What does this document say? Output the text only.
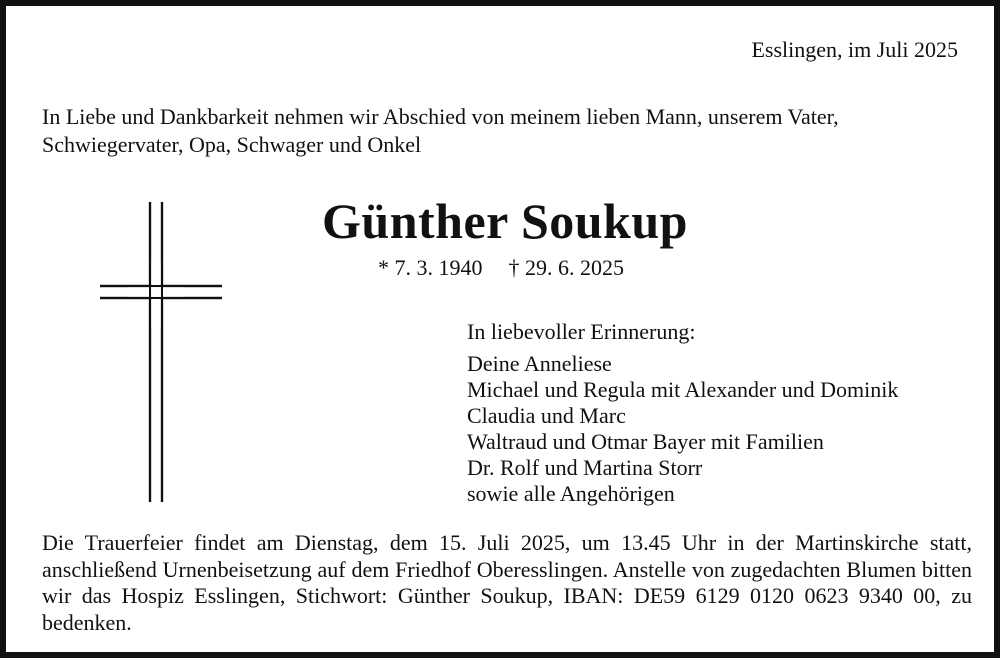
Esslingen, im Juli 2025

In Liebe und Dankbarkeit nehmen wir Abschied von meinem lieben Mann, unserem Vater, Schwiegervater, Opa, Schwager und Onkel

Günther Soukup
* 7. 3. 1940 † 29. 6. 2025
In liebevoller Erinnerung:
Deine Anneliese
Michael und Regula mit Alexander und Dominik
Claudia und Marc
Waltraud und Otmar Bayer mit Familien
Dr. Rolf und Martina Storr
sowie alle Angehörigen

Die Trauerfeier findet am Dienstag, dem 15. Juli 2025, um 13.45 Uhr in der Martinskirche statt, anschließend Urnenbeisetzung auf dem Friedhof Oberesslingen. Anstelle von zugedachten Blumen bitten wir das Hospiz Esslingen, Stichwort: Günther Soukup, IBAN: DE59 6129 0120 0623 9340 00, zu bedenken.
